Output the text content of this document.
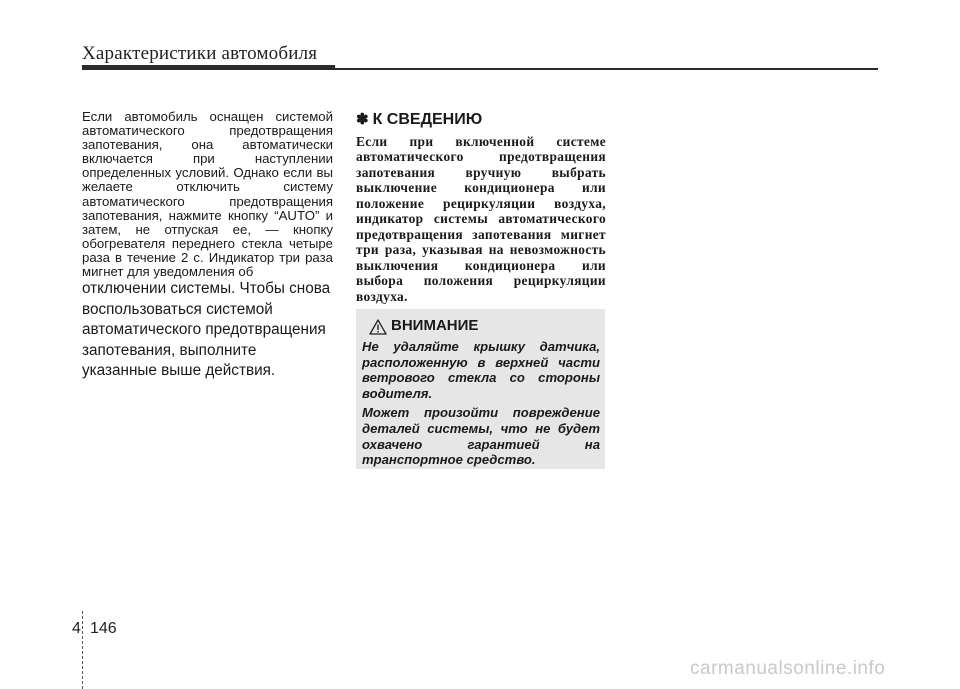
Характеристики автомобиля

Если автомобиль оснащен системой автоматического предотвращения запотевания, она автоматически включается при наступлении определенных условий. Однако если вы желаете отключить систему автоматического предотвращения запотевания, нажмите кнопку “AUTO” и затем, не отпуская ее, — кнопку обогревателя переднего стекла четыре раза в течение 2 с. Индикатор три раза мигнет для уведомления об

отключении системы. Чтобы снова воспользоваться системой автоматического предотвращения запотевания, выполните указанные выше действия.

✽ К СВЕДЕНИЮ

Если при включенной системе автоматического предотвращения запотевания вручную выбрать выключение кондиционера или положение рециркуляции воздуха, индикатор системы автоматического предотвращения запотевания мигнет три раза, указывая на невозможность выключения кондиционера или выбора положения рециркуляции воздуха.

ВНИМАНИЕ

Не удаляйте крышку датчика, расположенную в верхней части ветрового стекла со стороны водителя.

Может произойти повреждение деталей системы, что не будет охвачено гарантией на транспортное средство.

4 146
carmanualsonline.info
